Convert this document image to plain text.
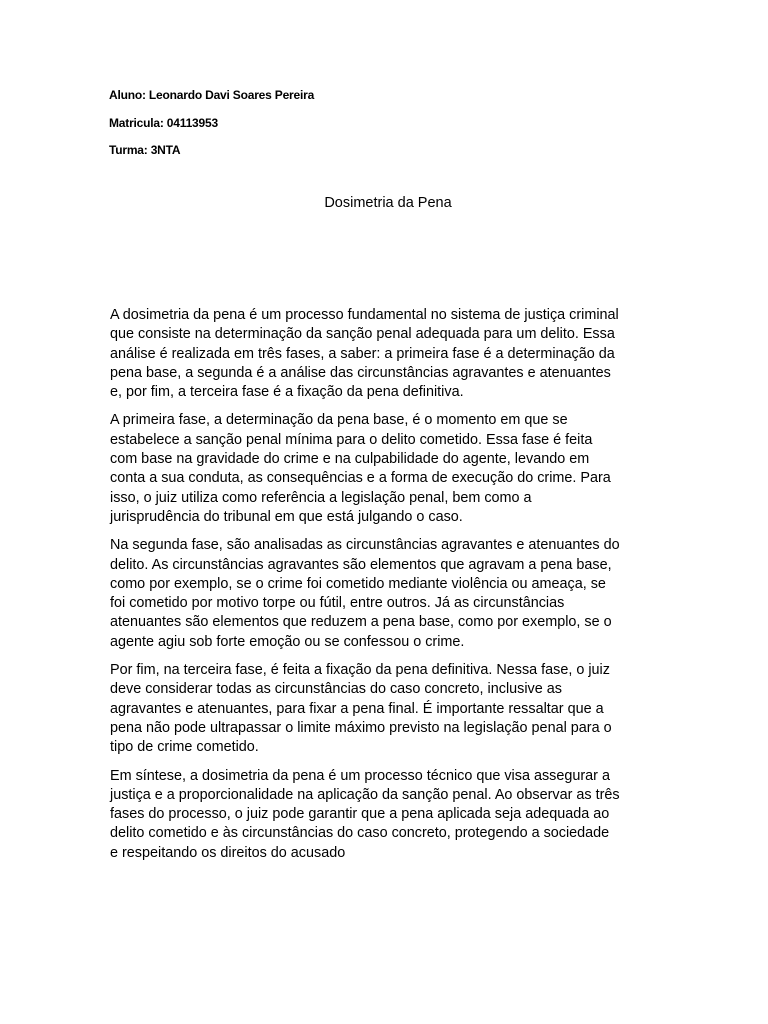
Aluno: Leonardo Davi Soares Pereira
Matricula: 04113953
Turma: 3NTA
Dosimetria da Pena

A dosimetria da pena é um processo fundamental no sistema de justiça criminal
que consiste na determinação da sanção penal adequada para um delito. Essa
análise é realizada em três fases, a saber: a primeira fase é a determinação da
pena base, a segunda é a análise das circunstâncias agravantes e atenuantes
e, por fim, a terceira fase é a fixação da pena definitiva.

A primeira fase, a determinação da pena base, é o momento em que se
estabelece a sanção penal mínima para o delito cometido. Essa fase é feita
com base na gravidade do crime e na culpabilidade do agente, levando em
conta a sua conduta, as consequências e a forma de execução do crime. Para
isso, o juiz utiliza como referência a legislação penal, bem como a
jurisprudência do tribunal em que está julgando o caso.

Na segunda fase, são analisadas as circunstâncias agravantes e atenuantes do
delito. As circunstâncias agravantes são elementos que agravam a pena base,
como por exemplo, se o crime foi cometido mediante violência ou ameaça, se
foi cometido por motivo torpe ou fútil, entre outros. Já as circunstâncias
atenuantes são elementos que reduzem a pena base, como por exemplo, se o
agente agiu sob forte emoção ou se confessou o crime.

Por fim, na terceira fase, é feita a fixação da pena definitiva. Nessa fase, o juiz
deve considerar todas as circunstâncias do caso concreto, inclusive as
agravantes e atenuantes, para fixar a pena final. É importante ressaltar que a
pena não pode ultrapassar o limite máximo previsto na legislação penal para o
tipo de crime cometido.

Em síntese, a dosimetria da pena é um processo técnico que visa assegurar a
justiça e a proporcionalidade na aplicação da sanção penal. Ao observar as três
fases do processo, o juiz pode garantir que a pena aplicada seja adequada ao
delito cometido e às circunstâncias do caso concreto, protegendo a sociedade
e respeitando os direitos do acusado
